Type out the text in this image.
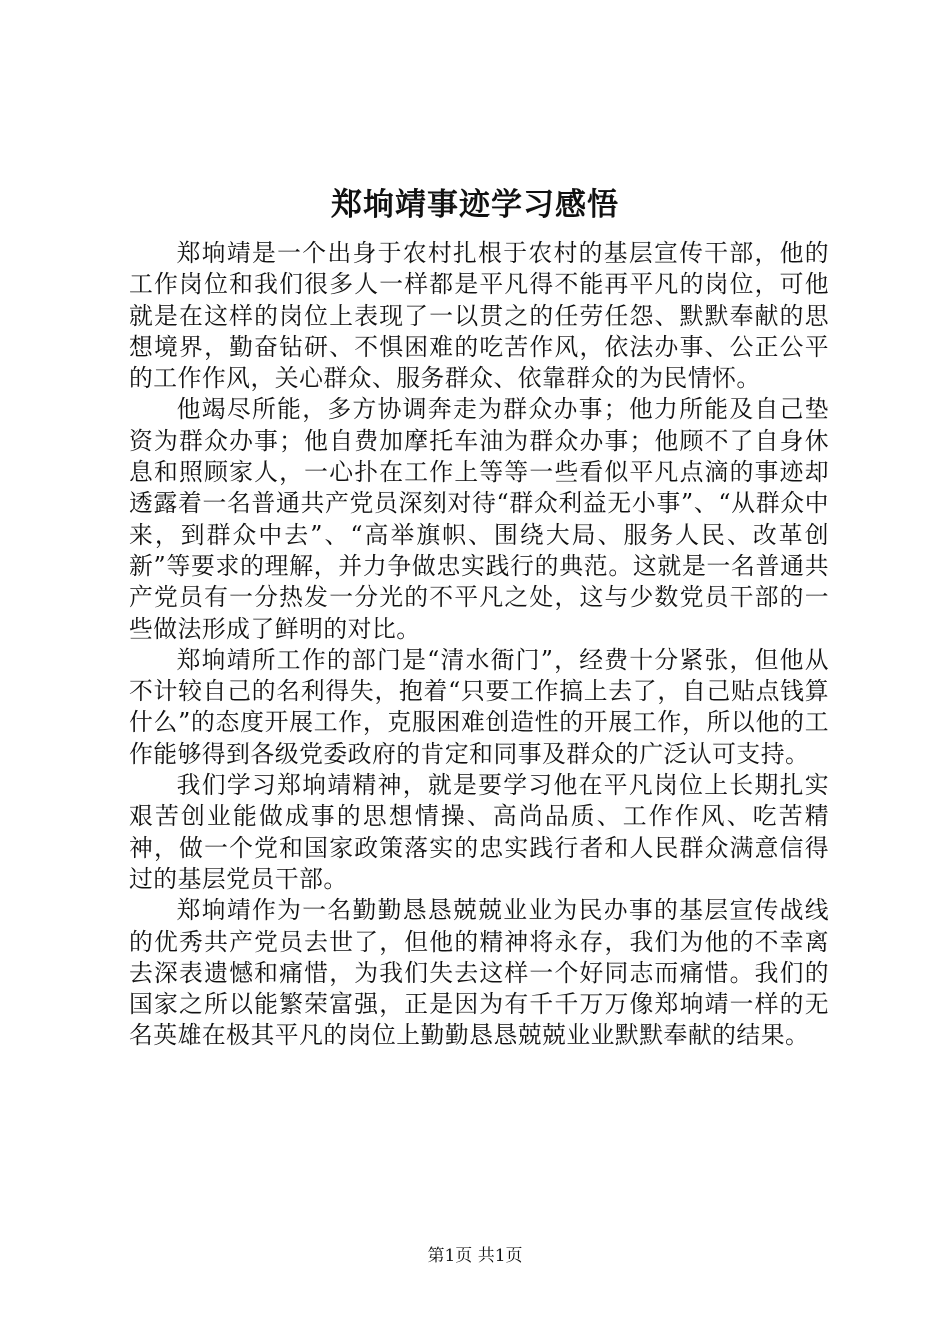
郑垧靖事迹学习感悟

郑垧靖是一个出身于农村扎根于农村的基层宣传干部，他的工作岗位和我们很多人一样都是平凡得不能再平凡的岗位，可他就是在这样的岗位上表现了一以贯之的任劳任怨、默默奉献的思想境界，勤奋钻研、不惧困难的吃苦作风，依法办事、公正公平的工作作风，关心群众、服务群众、依靠群众的为民情怀。

他竭尽所能，多方协调奔走为群众办事；他力所能及自己垫资为群众办事；他自费加摩托车油为群众办事；他顾不了自身休息和照顾家人，一心扑在工作上等等一些看似平凡点滴的事迹却透露着一名普通共产党员深刻对待“群众利益无小事”、“从群众中来，到群众中去”、“高举旗帜、围绕大局、服务人民、改革创新”等要求的理解，并力争做忠实践行的典范。这就是一名普通共产党员有一分热发一分光的不平凡之处，这与少数党员干部的一些做法形成了鲜明的对比。

郑垧靖所工作的部门是“清水衙门”，经费十分紧张，但他从不计较自己的名利得失，抱着“只要工作搞上去了，自己贴点钱算什么”的态度开展工作，克服困难创造性的开展工作，所以他的工作能够得到各级党委政府的肯定和同事及群众的广泛认可支持。

我们学习郑垧靖精神，就是要学习他在平凡岗位上长期扎实艰苦创业能做成事的思想情操、高尚品质、工作作风、吃苦精神，做一个党和国家政策落实的忠实践行者和人民群众满意信得过的基层党员干部。

郑垧靖作为一名勤勤恳恳兢兢业业为民办事的基层宣传战线的优秀共产党员去世了，但他的精神将永存，我们为他的不幸离去深表遗憾和痛惜，为我们失去这样一个好同志而痛惜。我们的国家之所以能繁荣富强，正是因为有千千万万像郑垧靖一样的无名英雄在极其平凡的岗位上勤勤恳恳兢兢业业默默奉献的结果。

第1页 共1页
